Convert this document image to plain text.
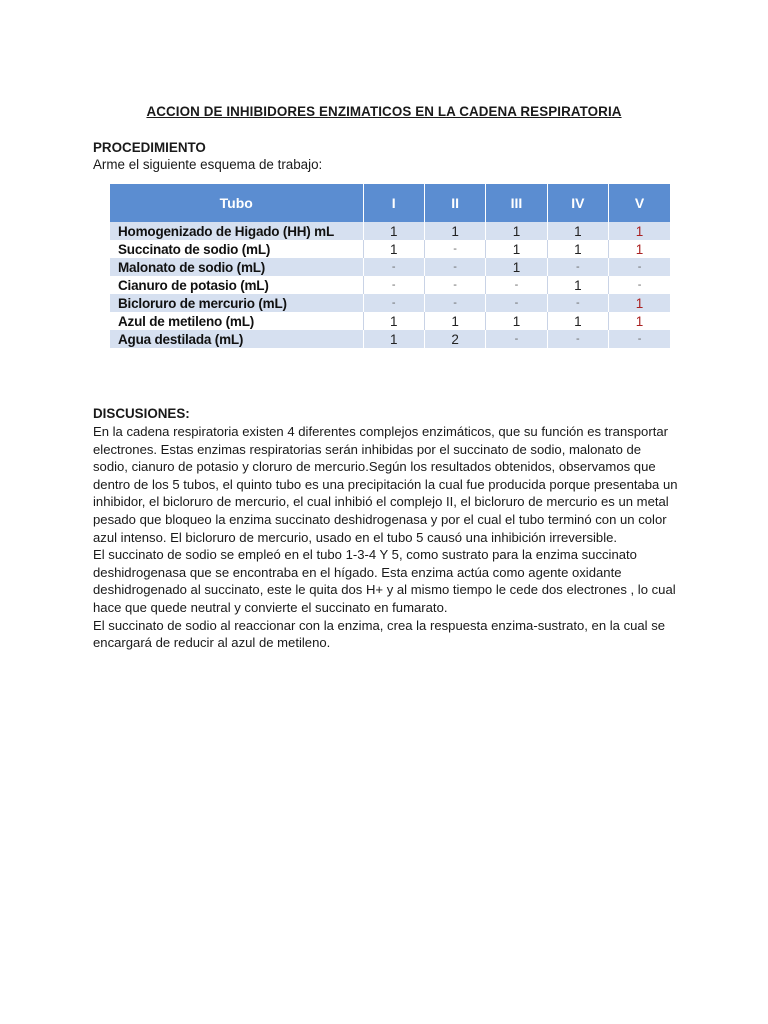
ACCION DE INHIBIDORES ENZIMATICOS EN LA CADENA RESPIRATORIA
PROCEDIMIENTO
Arme el siguiente esquema de trabajo:
Tubo	I	II	III	IV	V
Homogenizado de Higado (HH) mL	1	1	1	1	1
Succinato de sodio (mL)	1	-	1	1	1
Malonato de sodio (mL)	-	-	1	-	-
Cianuro de potasio (mL)	-	-	-	1	-
Bicloruro de mercurio (mL)	-	-	-	-	1
Azul de metileno (mL)	1	1	1	1	1
Agua destilada (mL)	1	2	-	-	-
DISCUSIONES:

En la cadena respiratoria existen 4 diferentes complejos enzimáticos, que su función es transportar electrones. Estas enzimas respiratorias serán inhibidas por el succinato de sodio, malonato de sodio, cianuro de potasio y cloruro de mercurio.Según los resultados obtenidos, observamos que dentro de los 5 tubos, el quinto tubo es una precipitación la cual fue producida porque presentaba un inhibidor, el bicloruro de mercurio, el cual inhibió el complejo II, el bicloruro de mercurio es un metal pesado que bloqueo la enzima succinato deshidrogenasa y por el cual el tubo terminó con un color azul intenso. El bicloruro de mercurio, usado en el tubo 5 causó una inhibición irreversible.

El succinato de sodio se empleó en el tubo 1-3-4 Y 5, como sustrato para la enzima succinato deshidrogenasa que se encontraba en el hígado. Esta enzima actúa como agente oxidante deshidrogenado al succinato, este le quita dos H+ y al mismo tiempo le cede dos electrones , lo cual hace que quede neutral y convierte el succinato en fumarato.

El succinato de sodio al reaccionar con la enzima, crea la respuesta enzima-sustrato, en la cual se encargará de reducir al azul de metileno.
